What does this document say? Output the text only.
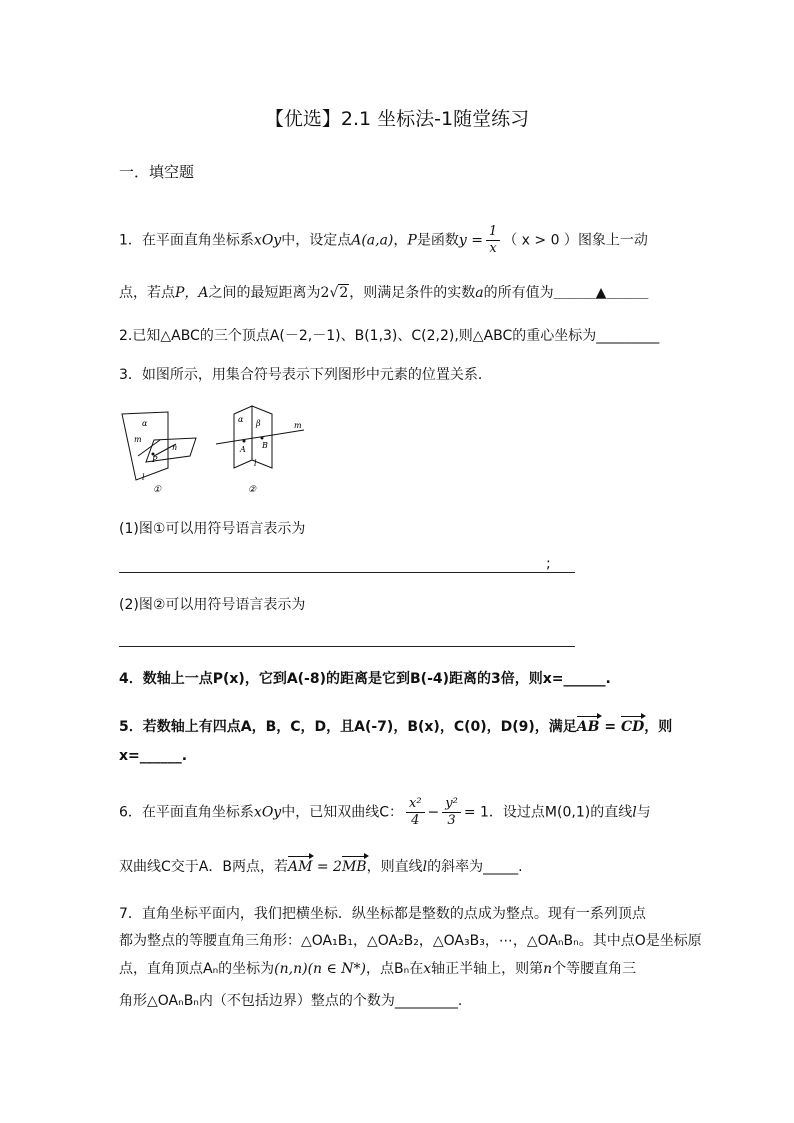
【优选】2.1 坐标法-1随堂练习
一．填空题
1．在平面直角坐标系xOy中，设定点A(a,a)，P是函数$y = \frac{1}{x}$ （ x > 0 ）图象上一动
点，若点P，A之间的最短距离为2√2，则满足条件的实数a的所有值为＿＿＿▲＿＿＿
2.已知△ABC的三个顶点A(－2,－1)、B(1,3)、C(2,2),则△ABC的重心坐标为_________
3．如图所示，用集合符号表示下列图形中元素的位置关系．
α
m
n
P
l
①
α β	m
A B
l
②
(1)图①可以用符号语言表示为
;
(2)图②可以用符号语言表示为
4．数轴上一点P(x)，它到A(-8)的距离是它到B(-4)距离的3倍，则x=______.
5．若数轴上有四点A，B，C，D，且A(-7)，B(x)，C(0)，D(9)，满足AB = CD，则
x=______.
6．在平面直角坐标系xOy中，已知双曲线C： $\frac{\text{x²}}{4} - \frac{\text{y²}}{3} = 1$．设过点M(0,1)的直线l与
双曲线C交于A．B两点，若AM = 2MB，则直线l的斜率为_____.
7．直角坐标平面内，我们把横坐标．纵坐标都是整数的点成为整点。现有一系列顶点
都为整点的等腰直角三角形：△OA₁B₁，△OA₂B₂，△OA₃B₃，⋯，△OAₙBₙ。其中点O是坐标原
点，直角顶点Aₙ的坐标为(n,n)(n ∈ N*)，点Bₙ在x轴正半轴上，则第n个等腰直角三
角形△OAₙBₙ内（不包括边界）整点的个数为_________.
